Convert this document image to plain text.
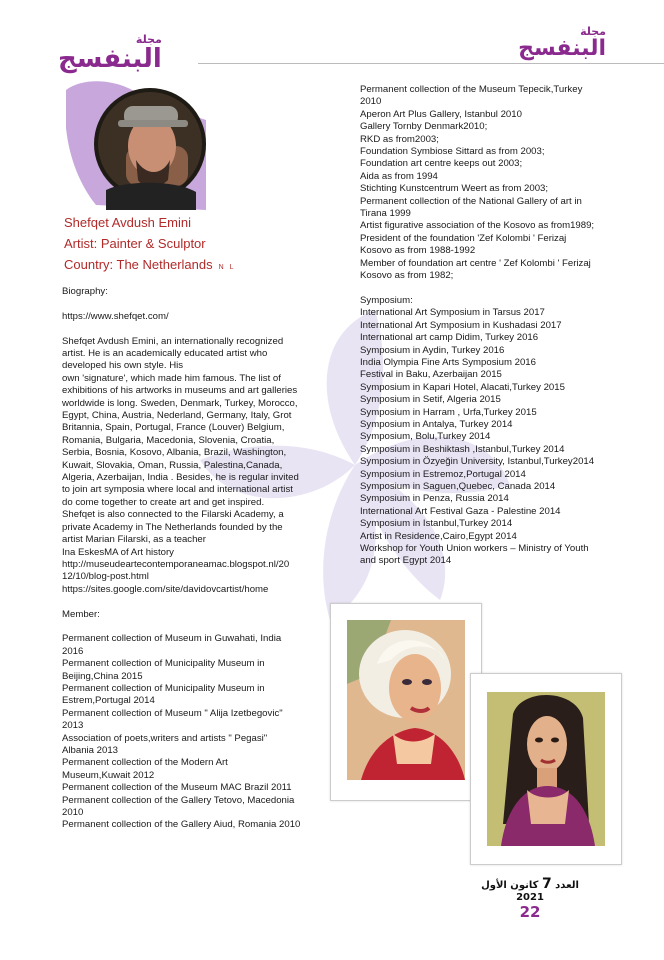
مجلة
البنفسج
مجلة
البنفسج
Shefqet Avdush Emini
Artist: Painter & Sculptor
Country: The Netherlands N L
Biography:
https://www.shefqet.com/
Shefqet Avdush Emini, an internationally recognized
artist. He is an academically educated artist who
developed his own style. His
own 'signature', which made him famous. The list of
exhibitions of his artworks in museums and art galleries
worldwide is long. Sweden, Denmark, Turkey, Morocco,
Egypt, China, Austria, Nederland, Germany, Italy, Grot
Britannia, Spain, Portugal, France (Louver) Belgium,
Romania, Bulgaria, Macedonia, Slovenia, Croatia,
Serbia, Bosnia, Kosovo, Albania, Brazil, Washington,
Kuwait, Slovakia, Oman, Russia, Palestina,Canada,
Algeria, Azerbaijan, India . Besides, he is regular invited
to join art symposia where local and international artist
do come together to create art and get inspired.
Shefqet is also connected to the Filarski Academy, a
private Academy in The Netherlands founded by the
artist Marian Filarski, as a teacher
Ina EskesMA of Art history
http://museudeartecontemporaneamac.blogspot.nl/20
12/10/blog-post.html
https://sites.google.com/site/davidovcartist/home
Member:
Permanent collection of Museum in Guwahati, India
2016
Permanent collection of Municipality Museum in
Beijing,China 2015
Permanent collection of Municipality Museum in
Estrem,Portugal 2014
Permanent collection of Museum " Alija Izetbegovic"
2013
Association of poets,writers and artists " Pegasi"
Albania 2013
Permanent collection of the Modern Art
Museum,Kuwait 2012
Permanent collection of the Museum MAC Brazil 2011
Permanent collection of the Gallery Tetovo, Macedonia
2010
Permanent collection of the Gallery Aiud, Romania 2010
Permanent collection of the Museum Tepecik,Turkey
2010
Aperon Art Plus Gallery, Istanbul 2010
Gallery Tornby Denmark2010;
RKD as from2003;
Foundation Symbiose Sittard as from 2003;
Foundation art centre keeps out 2003;
Aida as from 1994
Stichting Kunstcentrum Weert as from 2003;
Permanent collection of the National Gallery of art in
Tirana 1999
Artist figurative association of the Kosovo as from1989;
President of the foundation 'Zef Kolombi ' Ferizaj
Kosovo as from 1988-1992
Member of foundation art centre ' Zef Kolombi ' Ferizaj
Kosovo as from 1982;
Symposium:
International Art Symposium in Tarsus 2017
International Art Symposium in Kushadasi 2017
International art camp Didim, Turkey 2016
Symposium in Aydin, Turkey 2016
India Olympia Fine Arts Symposium 2016
Festival in Baku, Azerbaijan 2015
Symposium in Kapari Hotel, Alacati,Turkey 2015
Symposium in Setif, Algeria 2015
Symposium in Harram , Urfa,Turkey 2015
Symposium in Antalya, Turkey 2014
Symposium, Bolu,Turkey 2014
Symposium in Beshiktash ,Istanbul,Turkey 2014
Symposium in Özyeğin University, Istanbul,Turkey2014
Symposium in Estremoz,Portugal 2014
Symposium in Saguen,Quebec, Canada 2014
Symposium in Penza, Russia 2014
International Art Festival Gaza - Palestine 2014
Symposium in Istanbul,Turkey 2014
Artist in Residence,Cairo,Egypt 2014
Workshop for Youth Union workers – Ministry of Youth
and sport Egypt 2014
العدد 7 كانون الأول
2021
22
